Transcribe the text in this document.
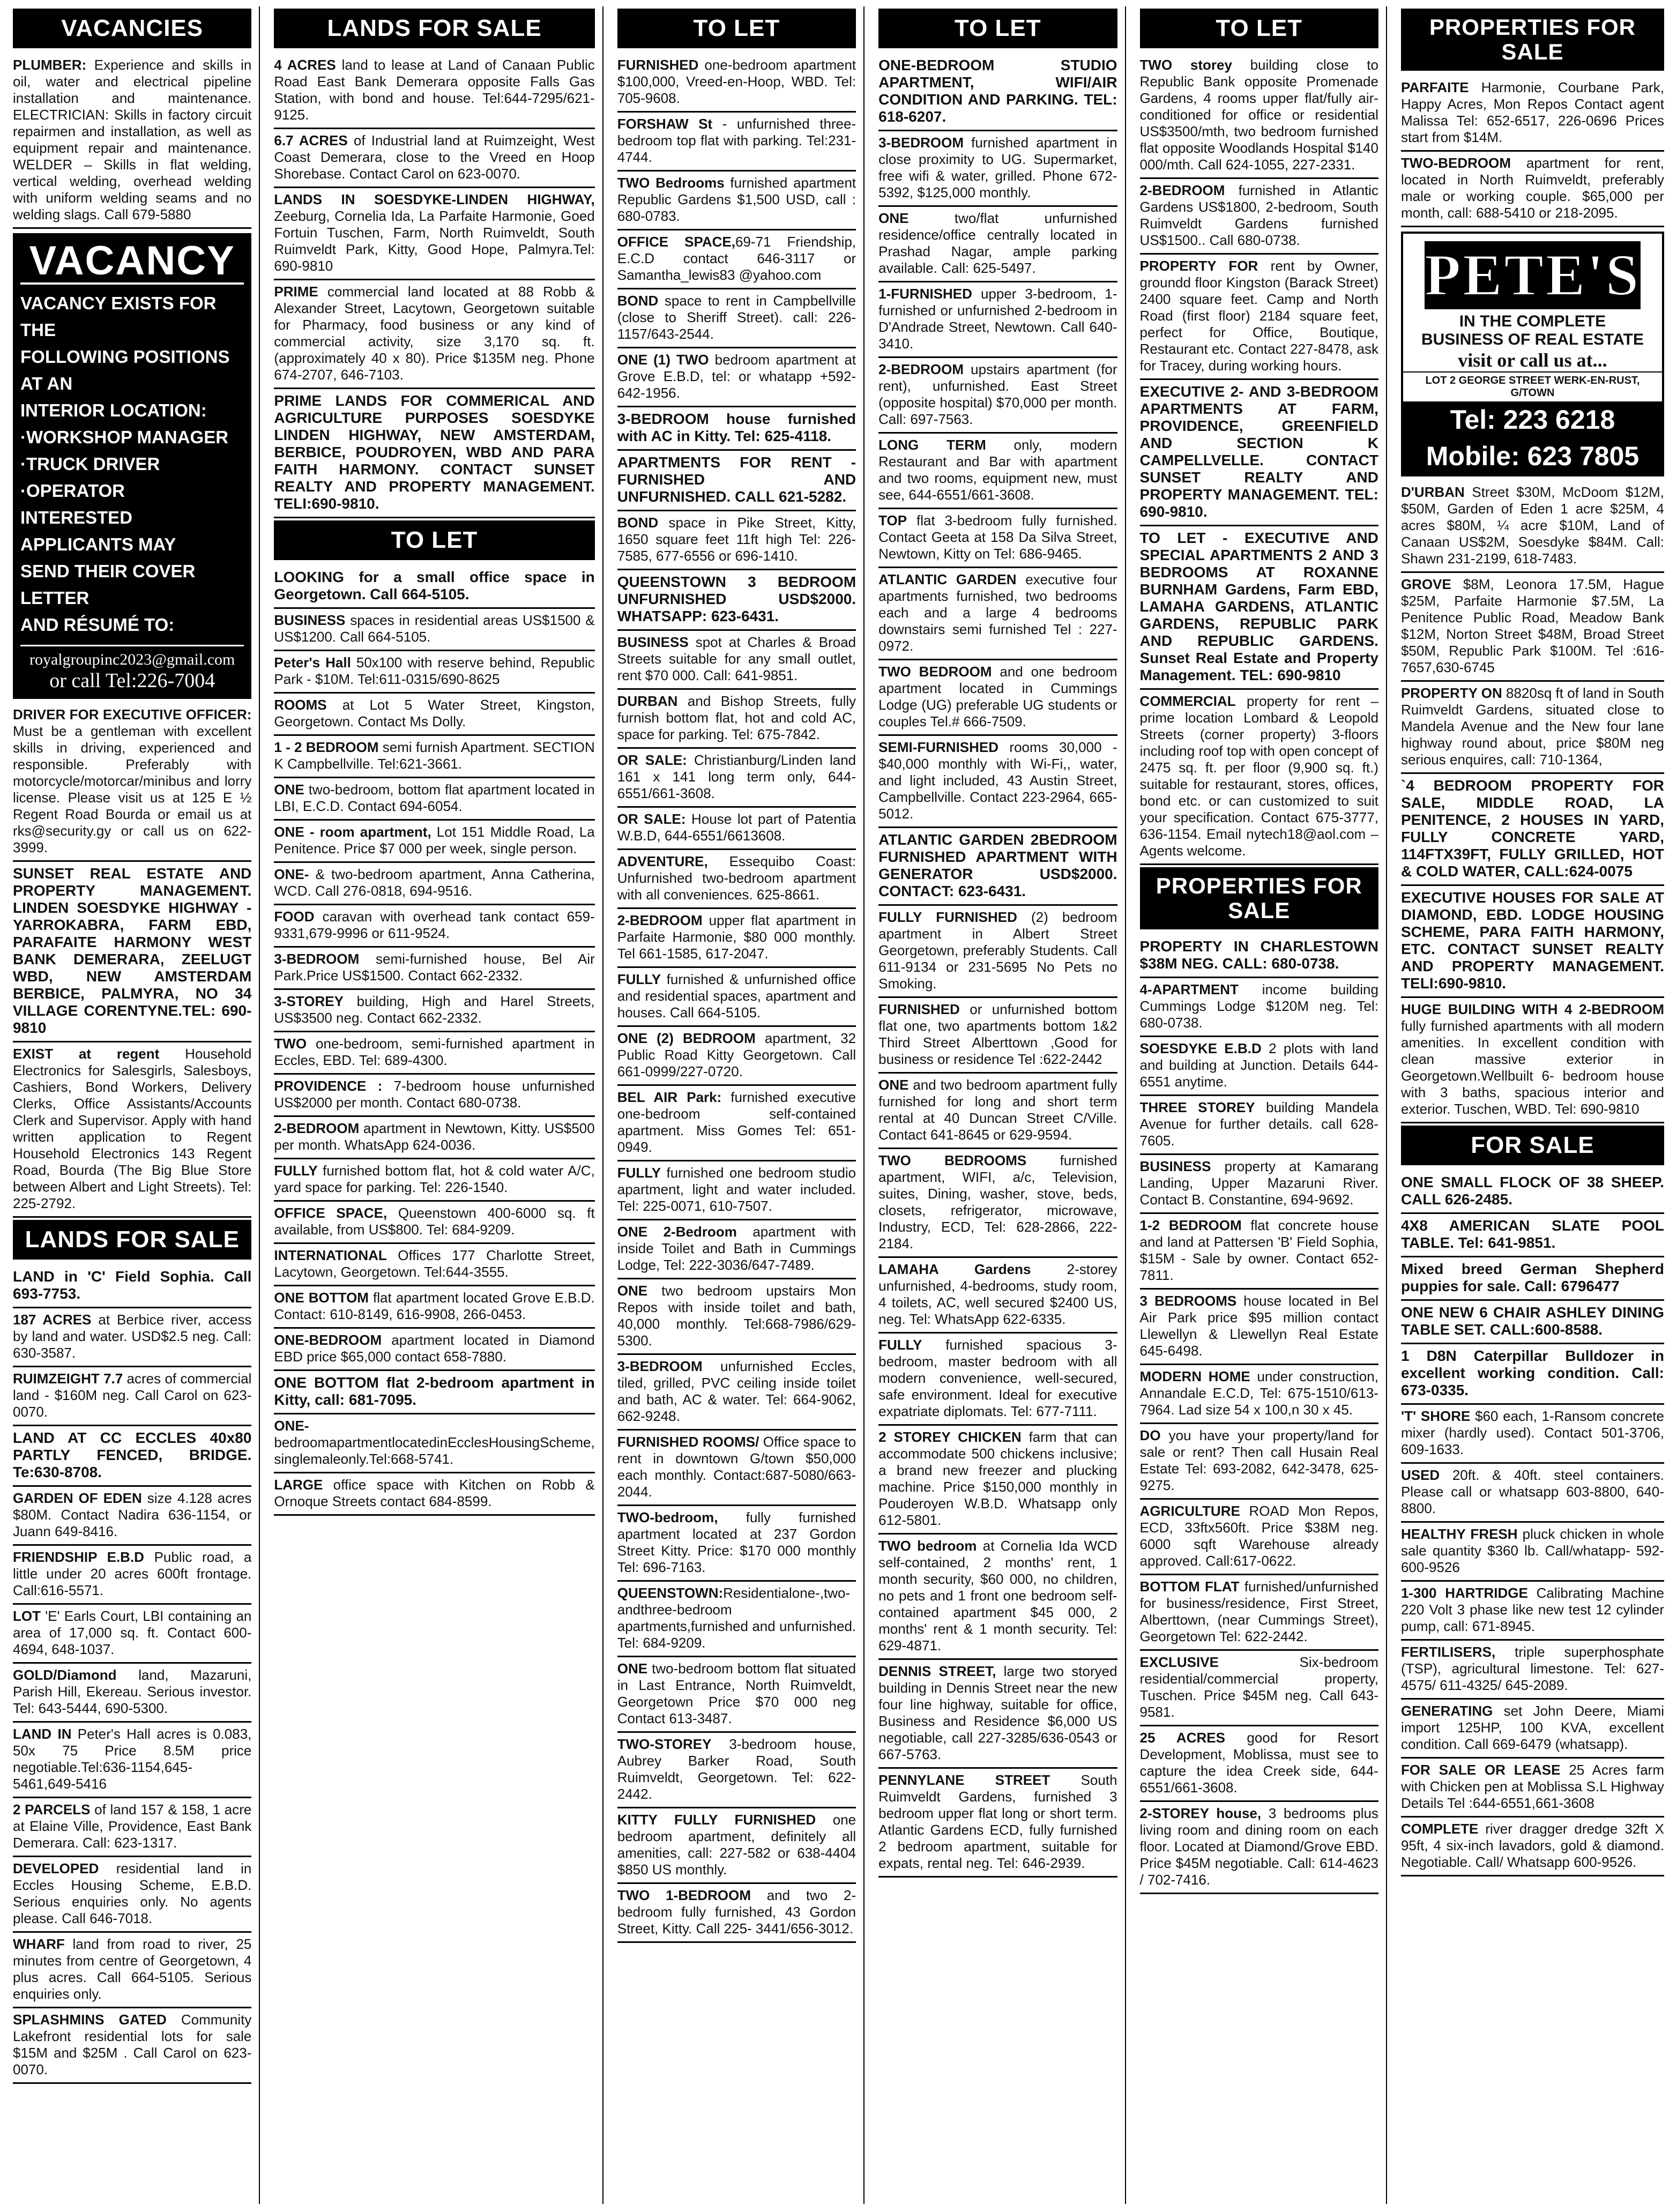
VACANCIES
PLUMBER: Experience and skills in oil, water and electrical pipeline installation and maintenance. ELECTRICIAN: Skills in factory circuit repairmen and installation, as well as equipment repair and maintenance. WELDER – Skills in flat welding, vertical welding, overhead welding with uniform welding seams and no welding slags. Call 679-5880
VACANCY
VACANCY EXISTS FOR THE
FOLLOWING POSITIONS AT AN
INTERIOR LOCATION:
·WORKSHOP MANAGER
·TRUCK DRIVER
·OPERATOR
INTERESTED APPLICANTS MAY
SEND THEIR COVER LETTER
AND RÉSUMÉ TO:
royalgroupinc2023@gmail.com
or call Tel:226-7004
DRIVER FOR EXECUTIVE OFFICER: Must be a gentleman with excellent skills in driving, experienced and responsible. Preferably with motorcycle/motorcar/minibus and lorry license. Please visit us at 125 E ½ Regent Road Bourda or email us at rks@security.gy or call us on 622-3999.
SUNSET REAL ESTATE AND PROPERTY MANAGEMENT. LINDEN SOESDYKE HIGHWAY - YARROKABRA, FARM EBD, PARAFAITE HARMONY WEST BANK DEMERARA, ZEELUGT WBD, NEW AMSTERDAM BERBICE, PALMYRA, NO 34 VILLAGE CORENTYNE.TEL: 690-9810
EXIST at regent Household Electronics for Salesgirls, Salesboys, Cashiers, Bond Workers, Delivery Clerks, Office Assistants/Accounts Clerk and Supervisor. Apply with hand written application to Regent Household Electronics 143 Regent Road, Bourda (The Big Blue Store between Albert and Light Streets). Tel: 225-2792.
LANDS FOR SALE
LAND in 'C' Field Sophia. Call 693-7753.
187 ACRES at Berbice river, access by land and water. USD$2.5 neg. Call: 630-3587.
RUIMZEIGHT 7.7 acres of commercial land - $160M neg. Call Carol on 623-0070.
LAND AT CC ECCLES 40x80 PARTLY FENCED, BRIDGE. Te:630-8708.
GARDEN OF EDEN size 4.128 acres $80M. Contact Nadira 636-1154, or Juann 649-8416.
FRIENDSHIP E.B.D Public road, a little under 20 acres 600ft frontage. Call:616-5571.
LOT 'E' Earls Court, LBI containing an area of 17,000 sq. ft. Contact 600-4694, 648-1037.
GOLD/Diamond land, Mazaruni, Parish Hill, Ekereau. Serious investor. Tel: 643-5444, 690-5300.
LAND IN Peter's Hall acres is 0.083, 50x 75 Price 8.5M price negotiable.Tel:636-1154,645-5461,649-5416
2 PARCELS of land 157 & 158, 1 acre at Elaine Ville, Providence, East Bank Demerara. Call: 623-1317.
DEVELOPED residential land in Eccles Housing Scheme, E.B.D. Serious enquiries only. No agents please. Call 646-7018.
WHARF land from road to river, 25 minutes from centre of Georgetown, 4 plus acres. Call 664-5105. Serious enquiries only.
SPLASHMINS GATED Community Lakefront residential lots for sale $15M and $25M . Call Carol on 623-0070.
LANDS FOR SALE
4 ACRES land to lease at Land of Canaan Public Road East Bank Demerara opposite Falls Gas Station, with bond and house. Tel:644-7295/621-9125.
6.7 ACRES of Industrial land at Ruimzeight, West Coast Demerara, close to the Vreed en Hoop Shorebase. Contact Carol on 623-0070.
LANDS IN SOESDYKE-LINDEN HIGHWAY, Zeeburg, Cornelia Ida, La Parfaite Harmonie, Goed Fortuin Tuschen, Farm, North Ruimveldt, South Ruimveldt Park, Kitty, Good Hope, Palmyra.Tel: 690-9810
PRIME commercial land located at 88 Robb & Alexander Street, Lacytown, Georgetown suitable for Pharmacy, food business or any kind of commercial activity, size 3,170 sq. ft. (approximately 40 x 80). Price $135M neg. Phone 674-2707, 646-7103.
PRIME LANDS FOR COMMERICAL AND AGRICULTURE PURPOSES SOESDYKE LINDEN HIGHWAY, NEW AMSTERDAM, BERBICE, POUDROYEN, WBD AND PARA FAITH HARMONY. CONTACT SUNSET REALTY AND PROPERTY MANAGEMENT. TELI:690-9810.
TO LET
LOOKING for a small office space in Georgetown. Call 664-5105.
BUSINESS spaces in residential areas US$1500 & US$1200. Call 664-5105.
Peter's Hall 50x100 with reserve behind, Republic Park - $10M. Tel:611-0315/690-8625
ROOMS at Lot 5 Water Street, Kingston, Georgetown. Contact Ms Dolly.
1 - 2 BEDROOM semi furnish Apartment. SECTION K Campbellville. Tel:621-3661.
ONE two-bedroom, bottom flat apartment located in LBI, E.C.D. Contact 694-6054.
ONE - room apartment, Lot 151 Middle Road, La Penitence. Price $7 000 per week, single person.
ONE- & two-bedroom apartment, Anna Catherina, WCD. Call 276-0818, 694-9516.
FOOD caravan with overhead tank contact 659-9331,679-9996 or 611-9524.
3-BEDROOM semi-furnished house, Bel Air Park.Price US$1500. Contact 662-2332.
3-STOREY building, High and Harel Streets, US$3500 neg. Contact 662-2332.
TWO one-bedroom, semi-furnished apartment in Eccles, EBD. Tel: 689-4300.
PROVIDENCE : 7-bedroom house unfurnished US$2000 per month. Contact 680-0738.
2-BEDROOM apartment in Newtown, Kitty. US$500 per month. WhatsApp 624-0036.
FULLY furnished bottom flat, hot & cold water A/C, yard space for parking. Tel: 226-1540.
OFFICE SPACE, Queenstown 400-6000 sq. ft available, from US$800. Tel: 684-9209.
INTERNATIONAL Offices 177 Charlotte Street, Lacytown, Georgetown. Tel:644-3555.
ONE BOTTOM flat apartment located Grove E.B.D. Contact: 610-8149, 616-9908, 266-0453.
ONE-BEDROOM apartment located in Diamond EBD price $65,000 contact 658-7880.
ONE BOTTOM flat 2-bedroom apartment in Kitty, call: 681-7095.
ONE-bedroomapartmentlocatedinEcclesHousingScheme, singlemaleonly.Tel:668-5741.
LARGE office space with Kitchen on Robb & Ornoque Streets contact 684-8599.
TO LET
FURNISHED one-bedroom apartment $100,000, Vreed-en-Hoop, WBD. Tel: 705-9608.
FORSHAW St - unfurnished three-bedroom top flat with parking. Tel:231-4744.
TWO Bedrooms furnished apartment Republic Gardens $1,500 USD, call : 680-0783.
OFFICE SPACE,69-71 Friendship, E.C.D contact 646-3117 or Samantha_lewis83 @yahoo.com
BOND space to rent in Campbellville (close to Sheriff Street). call: 226-1157/643-2544.
ONE (1) TWO bedroom apartment at Grove E.B.D, tel: or whatapp +592-642-1956.
3-BEDROOM house furnished with AC in Kitty. Tel: 625-4118.
APARTMENTS FOR RENT - FURNISHED AND UNFURNISHED. CALL 621-5282.
BOND space in Pike Street, Kitty, 1650 square feet 11ft high Tel: 226-7585, 677-6556 or 696-1410.
QUEENSTOWN 3 BEDROOM UNFURNISHED USD$2000. WHATSAPP: 623-6431.
BUSINESS spot at Charles & Broad Streets suitable for any small outlet, rent $70 000. Call: 641-9851.
DURBAN and Bishop Streets, fully furnish bottom flat, hot and cold AC, space for parking. Tel: 675-7842.
OR SALE: Christianburg/Linden land 161 x 141 long term only, 644-6551/661-3608.
OR SALE: House lot part of Patentia W.B.D, 644-6551/6613608.
ADVENTURE, Essequibo Coast: Unfurnished two-bedroom apartment with all conveniences. 625-8661.
2-BEDROOM upper flat apartment in Parfaite Harmonie, $80 000 monthly. Tel 661-1585, 617-2047.
FULLY furnished & unfurnished office and residential spaces, apartment and houses. Call 664-5105.
ONE (2) BEDROOM apartment, 32 Public Road Kitty Georgetown. Call 661-0999/227-0720.
BEL AIR Park: furnished executive one-bedroom self-contained apartment. Miss Gomes Tel: 651-0949.
FULLY furnished one bedroom studio apartment, light and water included. Tel: 225-0071, 610-7507.
ONE 2-Bedroom apartment with inside Toilet and Bath in Cummings Lodge, Tel: 222-3036/647-7489.
ONE two bedroom upstairs Mon Repos with inside toilet and bath, 40,000 monthly. Tel:668-7986/629-5300.
3-BEDROOM unfurnished Eccles, tiled, grilled, PVC ceiling inside toilet and bath, AC & water. Tel: 664-9062, 662-9248.
FURNISHED ROOMS/ Office space to rent in downtown G/town $50,000 each monthly. Contact:687-5080/663-2044.
TWO-bedroom, fully furnished apartment located at 237 Gordon Street Kitty. Price: $170 000 monthly Tel: 696-7163.
QUEENSTOWN:Residentialone-,two-andthree-bedroom apartments,furnished and unfurnished. Tel: 684-9209.
ONE two-bedroom bottom flat situated in Last Entrance, North Ruimveldt, Georgetown Price $70 000 neg Contact 613-3487.
TWO-STOREY 3-bedroom house, Aubrey Barker Road, South Ruimveldt, Georgetown. Tel: 622-2442.
KITTY FULLY FURNISHED one bedroom apartment, definitely all amenities, call: 227-582 or 638-4404 $850 US monthly.
TWO 1-BEDROOM and two 2-bedroom fully furnished, 43 Gordon Street, Kitty. Call 225- 3441/656-3012.
TO LET
ONE-BEDROOM STUDIO APARTMENT, WIFI/AIR CONDITION AND PARKING. TEL: 618-6207.
3-BEDROOM furnished apartment in close proximity to UG. Supermarket, free wifi & water, grilled. Phone 672-5392, $125,000 monthly.
ONE two/flat unfurnished residence/office centrally located in Prashad Nagar, ample parking available. Call: 625-5497.
1-FURNISHED upper 3-bedroom, 1-furnished or unfurnished 2-bedroom in D'Andrade Street, Newtown. Call 640-3410.
2-BEDROOM upstairs apartment (for rent), unfurnished. East Street (opposite hospital) $70,000 per month. Call: 697-7563.
LONG TERM only, modern Restaurant and Bar with apartment and two rooms, equipment new, must see, 644-6551/661-3608.
TOP flat 3-bedroom fully furnished. Contact Geeta at 158 Da Silva Street, Newtown, Kitty on Tel: 686-9465.
ATLANTIC GARDEN executive four apartments furnished, two bedrooms each and a large 4 bedrooms downstairs semi furnished Tel : 227-0972.
TWO BEDROOM and one bedroom apartment located in Cummings Lodge (UG) preferable UG students or couples Tel.# 666-7509.
SEMI-FURNISHED rooms 30,000 - $40,000 monthly with Wi-Fi,, water, and light included, 43 Austin Street, Campbellville. Contact 223-2964, 665-5012.
ATLANTIC GARDEN 2BEDROOM FURNISHED APARTMENT WITH GENERATOR USD$2000. CONTACT: 623-6431.
FULLY FURNISHED (2) bedroom apartment in Albert Street Georgetown, preferably Students. Call 611-9134 or 231-5695 No Pets no Smoking.
FURNISHED or unfurnished bottom flat one, two apartments bottom 1&2 Third Street Alberttown ,Good for business or residence Tel :622-2442
ONE and two bedroom apartment fully furnished for long and short term rental at 40 Duncan Street C/Ville. Contact 641-8645 or 629-9594.
TWO BEDROOMS furnished apartment, WIFI, a/c, Television, suites, Dining, washer, stove, beds, closets, refrigerator, microwave, Industry, ECD, Tel: 628-2866, 222-2184.
LAMAHA Gardens 2-storey unfurnished, 4-bedrooms, study room, 4 toilets, AC, well secured $2400 US, neg. Tel: WhatsApp 622-6335.
FULLY furnished spacious 3-bedroom, master bedroom with all modern convenience, well-secured, safe environment. Ideal for executive expatriate diplomats. Tel: 677-7111.
2 STOREY CHICKEN farm that can accommodate 500 chickens inclusive; a brand new freezer and plucking machine. Price $150,000 monthly in Pouderoyen W.B.D. Whatsapp only 612-5801.
TWO bedroom at Cornelia Ida WCD self-contained, 2 months' rent, 1 month security, $60 000, no children, no pets and 1 front one bedroom self-contained apartment $45 000, 2 months' rent & 1 month security. Tel: 629-4871.
DENNIS STREET, large two storyed building in Dennis Street near the new four line highway, suitable for office, Business and Residence $6,000 US negotiable, call 227-3285/636-0543 or 667-5763.
PENNYLANE STREET South Ruimveldt Gardens, furnished 3 bedroom upper flat long or short term. Atlantic Gardens ECD, fully furnished 2 bedroom apartment, suitable for expats, rental neg. Tel: 646-2939.
TO LET
TWO storey building close to Republic Bank opposite Promenade Gardens, 4 rooms upper flat/fully air-conditioned for office or residential US$3500/mth, two bedroom furnished flat opposite Woodlands Hospital $140 000/mth. Call 624-1055, 227-2331.
2-BEDROOM furnished in Atlantic Gardens US$1800, 2-bedroom, South Ruimveldt Gardens furnished US$1500.. Call 680-0738.
PROPERTY FOR rent by Owner, groundd floor Kingston (Barack Street) 2400 square feet. Camp and North Road (first floor) 2184 square feet, perfect for Office, Boutique, Restaurant etc. Contact 227-8478, ask for Tracey, during working hours.
EXECUTIVE 2- AND 3-BEDROOM APARTMENTS AT FARM, PROVIDENCE, GREENFIELD AND SECTION K CAMPELLVELLE. CONTACT SUNSET REALTY AND PROPERTY MANAGEMENT. TEL: 690-9810.
TO LET - EXECUTIVE AND SPECIAL APARTMENTS 2 AND 3 BEDROOMS AT ROXANNE BURNHAM Gardens, Farm EBD, LAMAHA GARDENS, ATLANTIC GARDENS, REPUBLIC PARK AND REPUBLIC GARDENS. Sunset Real Estate and Property Management. TEL: 690-9810
COMMERCIAL property for rent – prime location Lombard & Leopold Streets (corner property) 3-floors including roof top with open concept of 2475 sq. ft. per floor (9,900 sq. ft.) suitable for restaurant, stores, offices, bond etc. or can customized to suit your specification. Contact 675-3777, 636-1154. Email nytech18@aol.com – Agents welcome.
PROPERTIES FOR SALE
PROPERTY IN CHARLESTOWN $38M NEG. CALL: 680-0738.
4-APARTMENT income building Cummings Lodge $120M neg. Tel: 680-0738.
SOESDYKE E.B.D 2 plots with land and building at Junction. Details 644-6551 anytime.
THREE STOREY building Mandela Avenue for further details. call 628-7605.
BUSINESS property at Kamarang Landing, Upper Mazaruni River. Contact B. Constantine, 694-9692.
1-2 BEDROOM flat concrete house and land at Pattersen 'B' Field Sophia, $15M - Sale by owner. Contact 652-7811.
3 BEDROOMS house located in Bel Air Park price $95 million contact Llewellyn & Llewellyn Real Estate 645-6498.
MODERN HOME under construction, Annandale E.C.D, Tel: 675-1510/613-7964. Lad size 54 x 100,n 30 x 45.
DO you have your property/land for sale or rent? Then call Husain Real Estate Tel: 693-2082, 642-3478, 625-9275.
AGRICULTURE ROAD Mon Repos, ECD, 33ftx560ft. Price $38M neg. 6000 sqft Warehouse already approved. Call:617-0622.
BOTTOM FLAT furnished/unfurnished for business/residence, First Street, Alberttown, (near Cummings Street), Georgetown Tel: 622-2442.
EXCLUSIVE Six-bedroom residential/commercial property, Tuschen. Price $45M neg. Call 643-9581.
25 ACRES good for Resort Development, Moblissa, must see to capture the idea Creek side, 644-6551/661-3608.
2-STOREY house, 3 bedrooms plus living room and dining room on each floor. Located at Diamond/Grove EBD. Price $45M negotiable. Call: 614-4623 / 702-7416.
PROPERTIES FOR SALE
PARFAITE Harmonie, Courbane Park, Happy Acres, Mon Repos Contact agent Malissa Tel: 652-6517, 226-0696 Prices start from $14M.
TWO-BEDROOM apartment for rent, located in North Ruimveldt, preferably male or working couple. $65,000 per month, call: 688-5410 or 218-2095.
PETE'S
IN THE COMPLETE
BUSINESS OF REAL ESTATE
visit or call us at...
LOT 2 GEORGE STREET WERK-EN-RUST, G/TOWN
Tel: 223 6218
Mobile: 623 7805
D'URBAN Street $30M, McDoom $12M, $50M, Garden of Eden 1 acre $25M, 4 acres $80M, ¼ acre $10M, Land of Canaan US$2M, Soesdyke $84M. Call: Shawn 231-2199, 618-7483.
GROVE $8M, Leonora 17.5M, Hague $25M, Parfaite Harmonie $7.5M, La Penitence Public Road, Meadow Bank $12M, Norton Street $48M, Broad Street $50M, Republic Park $100M. Tel :616-7657,630-6745
PROPERTY ON 8820sq ft of land in South Ruimveldt Gardens, situated close to Mandela Avenue and the New four lane highway round about, price $80M neg serious enquires, call: 710-1364,
`4 BEDROOM PROPERTY FOR SALE, MIDDLE ROAD, LA PENITENCE, 2 HOUSES IN YARD, FULLY CONCRETE YARD, 114FTX39FT, FULLY GRILLED, HOT & COLD WATER, CALL:624-0075
EXECUTIVE HOUSES FOR SALE AT DIAMOND, EBD. LODGE HOUSING SCHEME, PARA FAITH HARMONY, ETC. CONTACT SUNSET REALTY AND PROPERTY MANAGEMENT. TELI:690-9810.
HUGE BUILDING WITH 4 2-BEDROOM fully furnished apartments with all modern amenities. In excellent condition with clean massive exterior in Georgetown.Wellbuilt 6- bedroom house with 3 baths, spacious interior and exterior. Tuschen, WBD. Tel: 690-9810
FOR SALE
ONE SMALL FLOCK OF 38 SHEEP. CALL 626-2485.
4X8 AMERICAN SLATE POOL TABLE. Tel: 641-9851.
Mixed breed German Shepherd puppies for sale. Call: 6796477
ONE NEW 6 CHAIR ASHLEY DINING TABLE SET. CALL:600-8588.
1 D8N Caterpillar Bulldozer in excellent working condition. Call: 673-0335.
'T' SHORE $60 each, 1-Ransom concrete mixer (hardly used). Contact 501-3706, 609-1633.
USED 20ft. & 40ft. steel containers. Please call or whatsapp 603-8800, 640-8800.
HEALTHY FRESH pluck chicken in whole sale quantity $360 lb. Call/whatapp- 592-600-9526
1-300 HARTRIDGE Calibrating Machine 220 Volt 3 phase like new test 12 cylinder pump, call: 671-8945.
FERTILISERS, triple superphosphate (TSP), agricultural limestone. Tel: 627-4575/ 611-4325/ 645-2089.
GENERATING set John Deere, Miami import 125HP, 100 KVA, excellent condition. Call 669-6479 (whatsapp).
FOR SALE OR LEASE 25 Acres farm with Chicken pen at Moblissa S.L Highway Details Tel :644-6551,661-3608
COMPLETE river dragger dredge 32ft X 95ft, 4 six-inch lavadors, gold & diamond. Negotiable. Call/ Whatsapp 600-9526.
